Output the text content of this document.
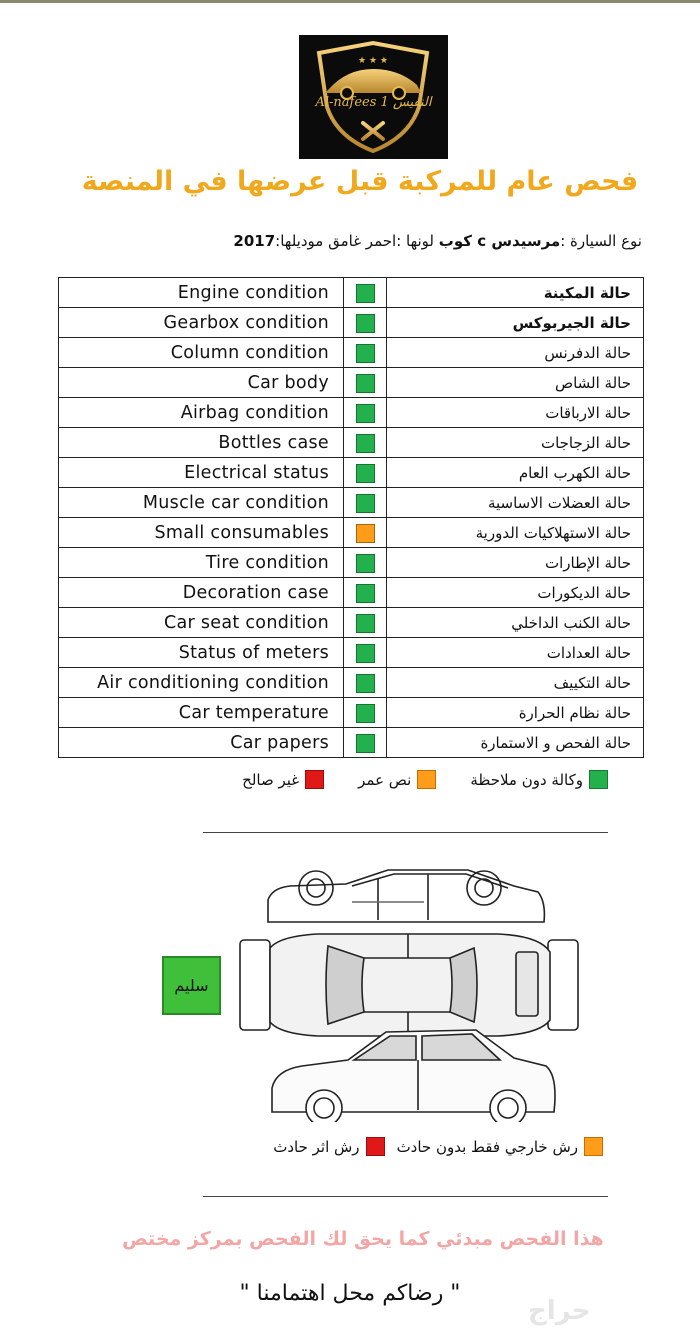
★ ★ ★
Al-nafees 1 النفيس
فحص عام للمركبة قبل عرضها في المنصة
نوع السيارة :مرسيدس c كوب لونها :احمر غامق موديلها:2017
Engine condition		حالة المكينة
Gearbox condition		حالة الجيربوكس
Column condition		حالة الدفرنس
Car body		حالة الشاص
Airbag condition		حالة الارباقات
Bottles case		حالة الزجاجات
Electrical status		حالة الكهرب العام
Muscle car condition		حالة العضلات الاساسية
Small consumables		حالة الاستهلاكيات الدورية
Tire condition		حالة الإطارات
Decoration case		حالة الديكورات
Car seat condition		حالة الكنب الداخلي
Status of meters		حالة العدادات
Air conditioning condition		حالة التكييف
Car temperature		حالة نظام الحرارة
Car papers		حالة الفحص و الاستمارة
وكالة دون ملاحظة
نص عمر
غير صالح
سليم
رش خارجي فقط بدون حادث
رش اثر حادث
هذا الفحص مبدئي كما يحق لك الفحص بمركز مختص
" رضاكم محل اهتمامنا "
حراج
